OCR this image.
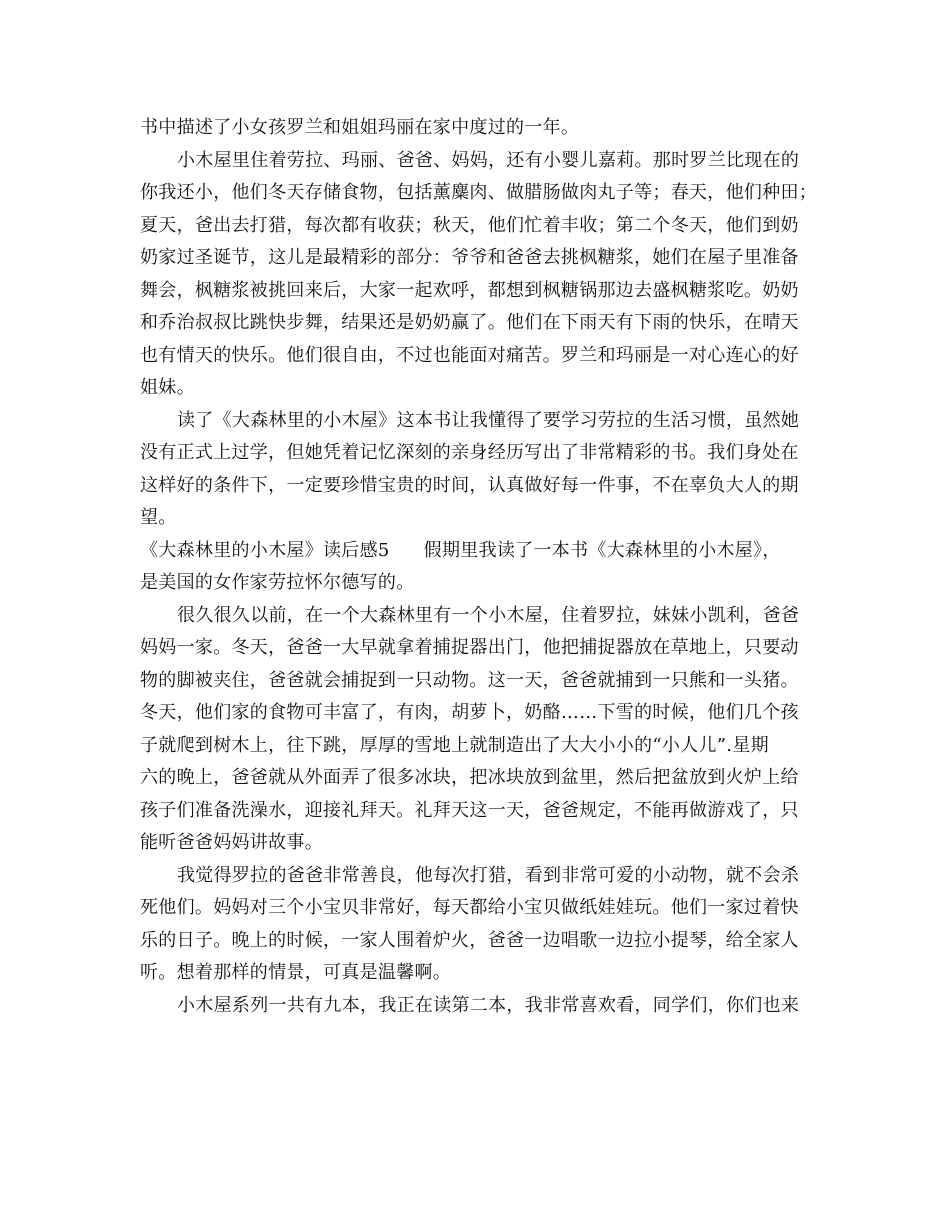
书中描述了小女孩罗兰和姐姐玛丽在家中度过的一年。
小木屋里住着劳拉、玛丽、爸爸、妈妈，还有小婴儿嘉莉。那时罗兰比现在的
你我还小，他们冬天存储食物，包括薰麋肉、做腊肠做肉丸子等；春天，他们种田；
夏天，爸出去打猎，每次都有收获；秋天，他们忙着丰收；第二个冬天，他们到奶
奶家过圣诞节，这儿是最精彩的部分：爷爷和爸爸去挑枫糖浆，她们在屋子里准备
舞会，枫糖浆被挑回来后，大家一起欢呼，都想到枫糖锅那边去盛枫糖浆吃。奶奶
和乔治叔叔比跳快步舞，结果还是奶奶赢了。他们在下雨天有下雨的快乐，在晴天
也有情天的快乐。他们很自由，不过也能面对痛苦。罗兰和玛丽是一对心连心的好
姐妹。
读了《大森林里的小木屋》这本书让我懂得了要学习劳拉的生活习惯，虽然她
没有正式上过学，但她凭着记忆深刻的亲身经历写出了非常精彩的书。我们身处在
这样好的条件下，一定要珍惜宝贵的时间，认真做好每一件事，不在辜负大人的期
望。
《大森林里的小木屋》读后感5 假期里我读了一本书《大森林里的小木屋》，
是美国的女作家劳拉怀尔德写的。
很久很久以前，在一个大森林里有一个小木屋，住着罗拉，妹妹小凯利，爸爸
妈妈一家。冬天，爸爸一大早就拿着捕捉器出门，他把捕捉器放在草地上，只要动
物的脚被夹住，爸爸就会捕捉到一只动物。这一天，爸爸就捕到一只熊和一头猪。
冬天，他们家的食物可丰富了，有肉，胡萝卜，奶酪……下雪的时候，他们几个孩
子就爬到树木上，往下跳，厚厚的雪地上就制造出了大大小小的“小人儿”.星期
六的晚上，爸爸就从外面弄了很多冰块，把冰块放到盆里，然后把盆放到火炉上给
孩子们准备洗澡水，迎接礼拜天。礼拜天这一天，爸爸规定，不能再做游戏了，只
能听爸爸妈妈讲故事。
我觉得罗拉的爸爸非常善良，他每次打猎，看到非常可爱的小动物，就不会杀
死他们。妈妈对三个小宝贝非常好，每天都给小宝贝做纸娃娃玩。他们一家过着快
乐的日子。晚上的时候，一家人围着炉火，爸爸一边唱歌一边拉小提琴，给全家人
听。想着那样的情景，可真是温馨啊。
小木屋系列一共有九本，我正在读第二本，我非常喜欢看，同学们，你们也来
